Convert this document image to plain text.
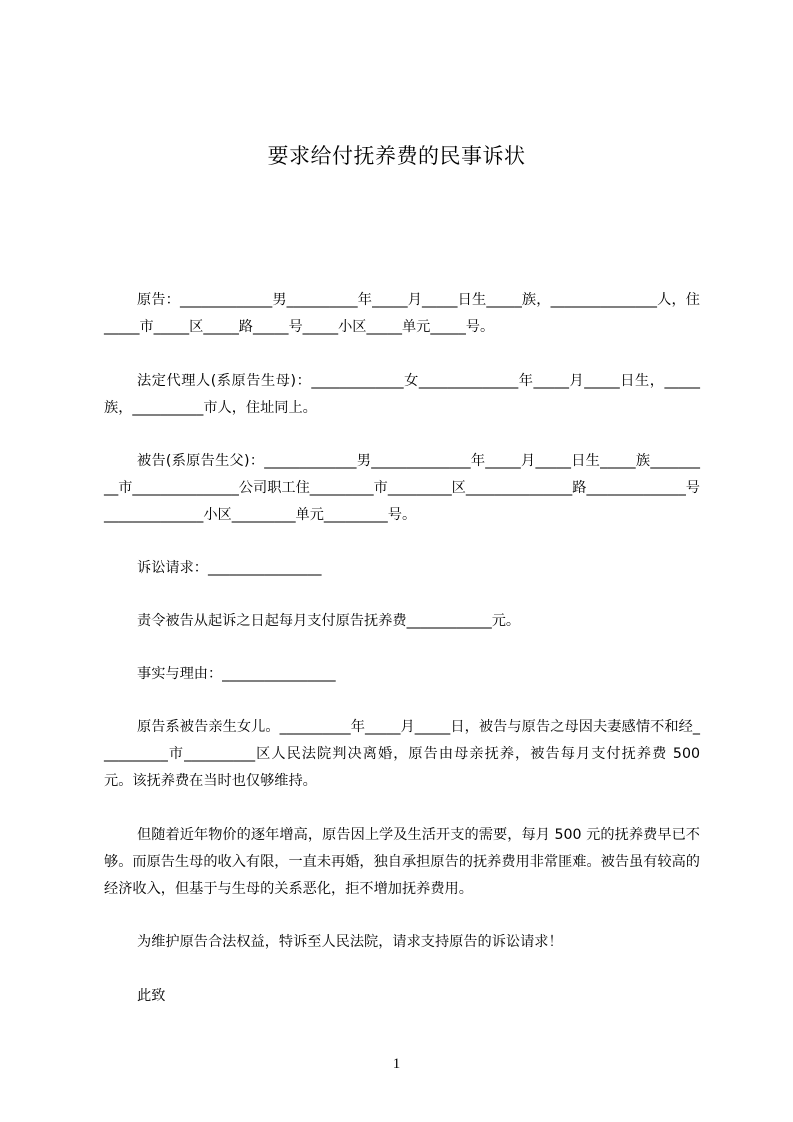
要求给付抚养费的民事诉状
原告：_____________男__________年_____月_____日生_____族，_______________人，住_____市_____区_____路_____号_____小区_____单元_____号。
法定代理人(系原告生母)：_____________女______________年_____月_____日生，_____族，__________市人，住址同上。
被告(系原告生父)：_____________男______________年_____月_____日生_____族_________市_______________公司职工住_________市_________区_______________路______________号______________小区_________单元_________号。
诉讼请求：________________
责令被告从起诉之日起每月支付原告抚养费____________元。
事实与理由：________________
原告系被告亲生女儿。__________年_____月_____日，被告与原告之母因夫妻感情不和经__________市__________区人民法院判决离婚，原告由母亲抚养，被告每月支付抚养费 500 元。该抚养费在当时也仅够维持。
但随着近年物价的逐年增高，原告因上学及生活开支的需要，每月 500 元的抚养费早已不够。而原告生母的收入有限，一直未再婚，独自承担原告的抚养费用非常匪难。被告虽有较高的经济收入，但基于与生母的关系恶化，拒不增加抚养费用。
为维护原告合法权益，特诉至人民法院，请求支持原告的诉讼请求！
此致
1
